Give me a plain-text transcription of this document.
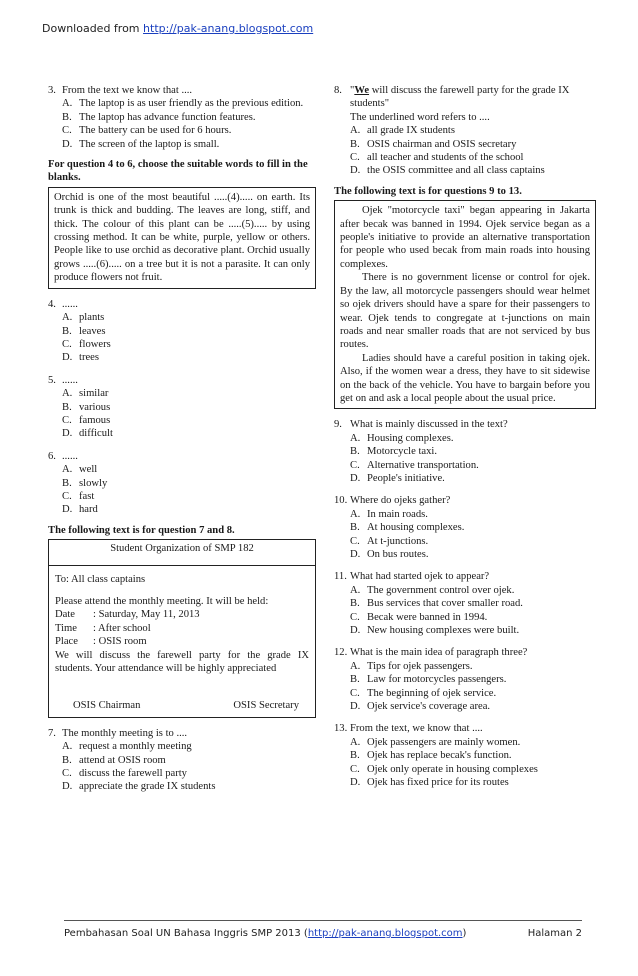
Downloaded from http://pak-anang.blogspot.com
3. From the text we know that ....
A. The laptop is as user friendly as the previous edition.
B. The laptop has advance function features.
C. The battery can be used for 6 hours.
D. The screen of the laptop is small.
For question 4 to 6, choose the suitable words to fill in the blanks.

Orchid is one of the most beautiful .....(4)..... on earth. Its trunk is thick and budding. The leaves are long, stiff, and thick. The colour of this plant can be .....(5)..... by using crossing method. It can be white, purple, yellow or others. People like to use orchid as decorative plant. Orchid usually grows .....(6)..... on a tree but it is not a parasite. It can only produce flowers not fruit.

4. ......
A. plants
B. leaves
C. flowers
D. trees
5. ......
A. similar
B. various
C. famous
D. difficult
6. ......
A. well
B. slowly
C. fast
D. hard
The following text is for question 7 and 8.
Student Organization of SMP 182
To: All class captains
Please attend the monthly meeting. It will be held:
Date	: Saturday, May 11, 2013
Time	: After school
Place	: OSIS room
We will discuss the farewell party for the grade IX students. Your attendance will be highly appreciated
OSIS Chairman	OSIS Secretary
7. The monthly meeting is to ....
A. request a monthly meeting
B. attend at OSIS room
C. discuss the farewell party
D. appreciate the grade IX students
8. "We will discuss the farewell party for the grade IX students"
The underlined word refers to ....
A. all grade IX students
B. OSIS chairman and OSIS secretary
C. all teacher and students of the school
D. the OSIS committee and all class captains
The following text is for questions 9 to 13.

Ojek "motorcycle taxi" began appearing in Jakarta after becak was banned in 1994. Ojek service began as a people's initiative to provide an alternative transportation for people who used becak from main roads into housing complexes.

There is no government license or control for ojek. By the law, all motorcycle passengers should wear helmet so ojek drivers should have a spare for their passengers to wear. Ojek tends to congregate at t-junctions on main roads and near smaller roads that are not serviced by bus routes.

Ladies should have a careful position in taking ojek. Also, if the women wear a dress, they have to sit sidewise on the back of the vehicle. You have to bargain before you get on and ask a local people about the usual price.

9. What is mainly discussed in the text?
A. Housing complexes.
B. Motorcycle taxi.
C. Alternative transportation.
D. People's initiative.
10. Where do ojeks gather?
A. In main roads.
B. At housing complexes.
C. At t-junctions.
D. On bus routes.
11. What had started ojek to appear?
A. The government control over ojek.
B. Bus services that cover smaller road.
C. Becak were banned in 1994.
D. New housing complexes were built.
12. What is the main idea of paragraph three?
A. Tips for ojek passengers.
B. Law for motorcycles passengers.
C. The beginning of ojek service.
D. Ojek service's coverage area.
13. From the text, we know that ....
A. Ojek passengers are mainly women.
B. Ojek has replace becak's function.
C. Ojek only operate in housing complexes
D. Ojek has fixed price for its routes
Pembahasan Soal UN Bahasa Inggris SMP 2013 (http://pak-anang.blogspot.com)	Halaman 2
